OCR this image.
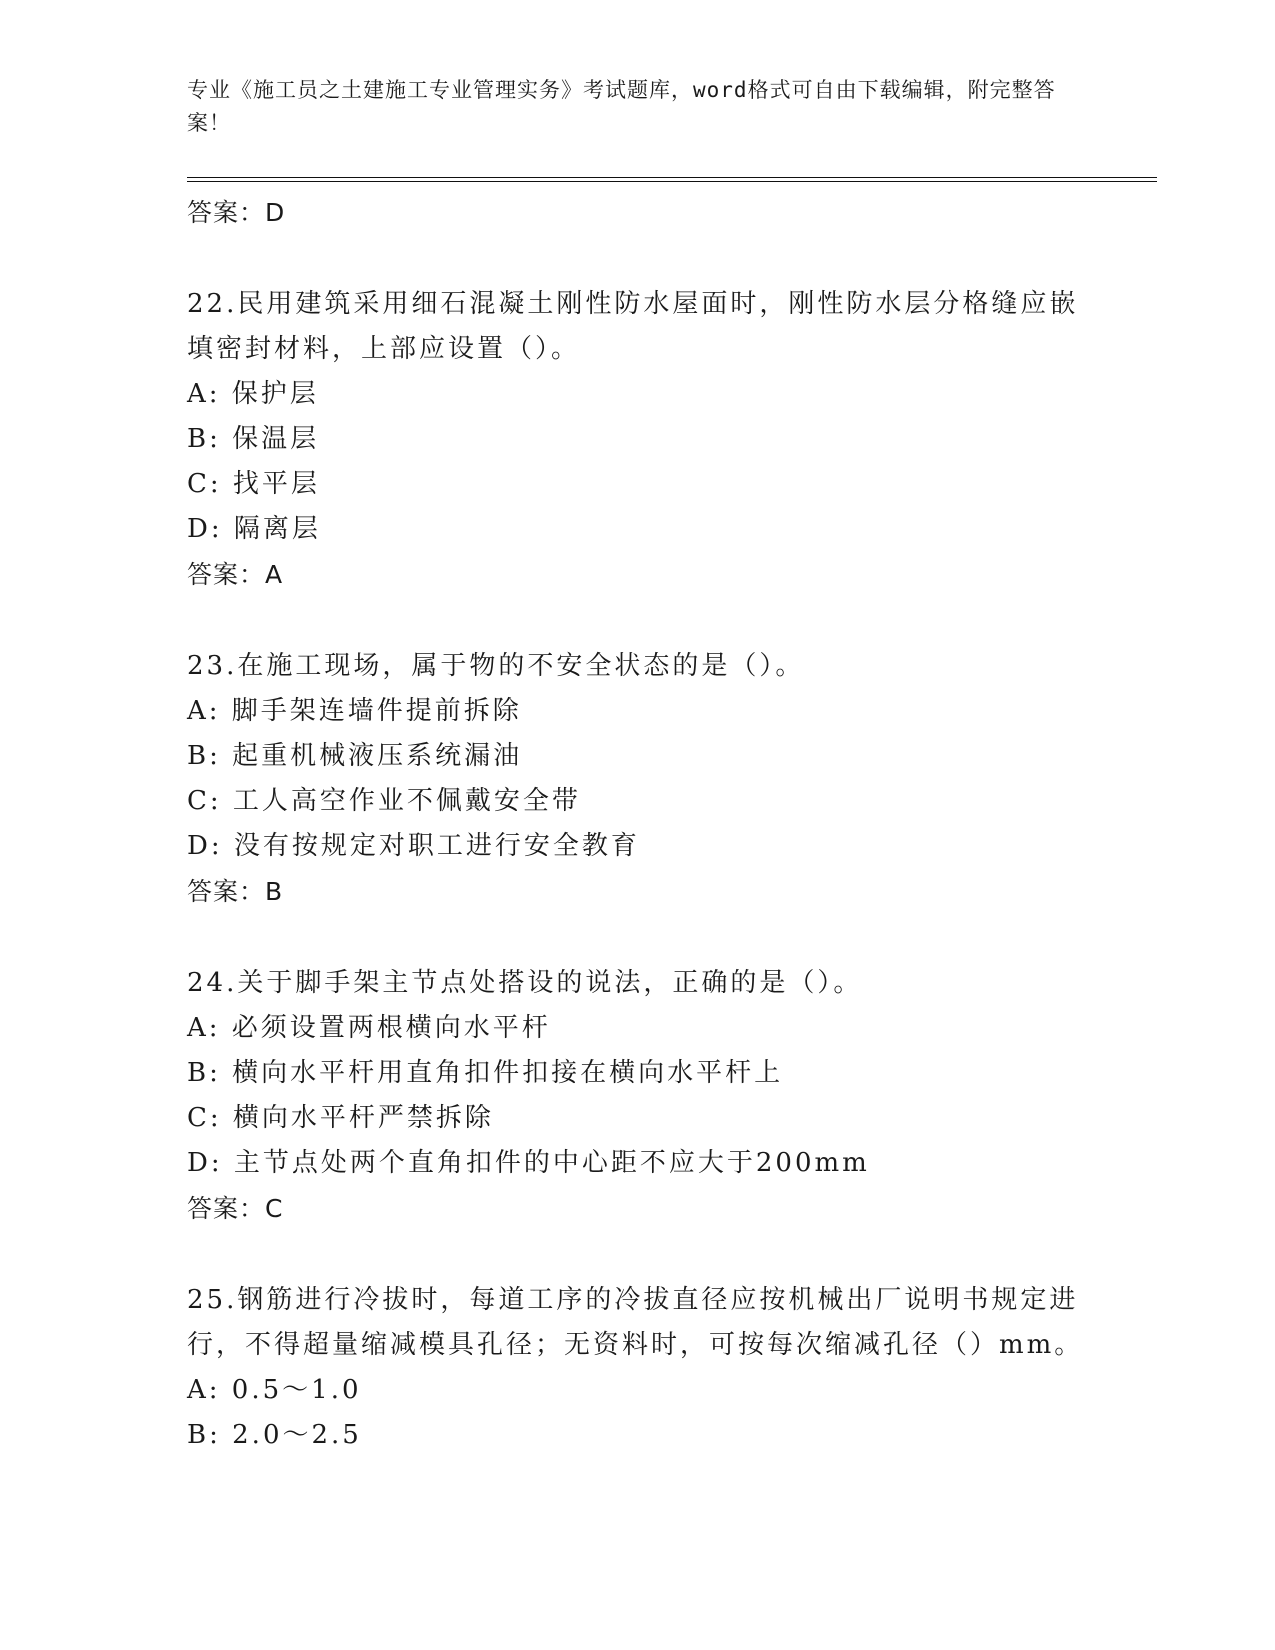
专业《施工员之土建施工专业管理实务》考试题库，word格式可自由下载编辑，附完整答案！
答案：D
22.民用建筑采用细石混凝土刚性防水屋面时，刚性防水层分格缝应嵌填密封材料，上部应设置（）。
A: 保护层
B: 保温层
C: 找平层
D: 隔离层
答案：A
23.在施工现场，属于物的不安全状态的是（）。
A: 脚手架连墙件提前拆除
B: 起重机械液压系统漏油
C: 工人高空作业不佩戴安全带
D: 没有按规定对职工进行安全教育
答案：B
24.关于脚手架主节点处搭设的说法，正确的是（）。
A: 必须设置两根横向水平杆
B: 横向水平杆用直角扣件扣接在横向水平杆上
C: 横向水平杆严禁拆除
D: 主节点处两个直角扣件的中心距不应大于200mm
答案：C
25.钢筋进行冷拔时，每道工序的冷拔直径应按机械出厂说明书规定进行，不得超量缩减模具孔径；无资料时，可按每次缩减孔径（）mm。
A: 0.5～1.0
B: 2.0～2.5
